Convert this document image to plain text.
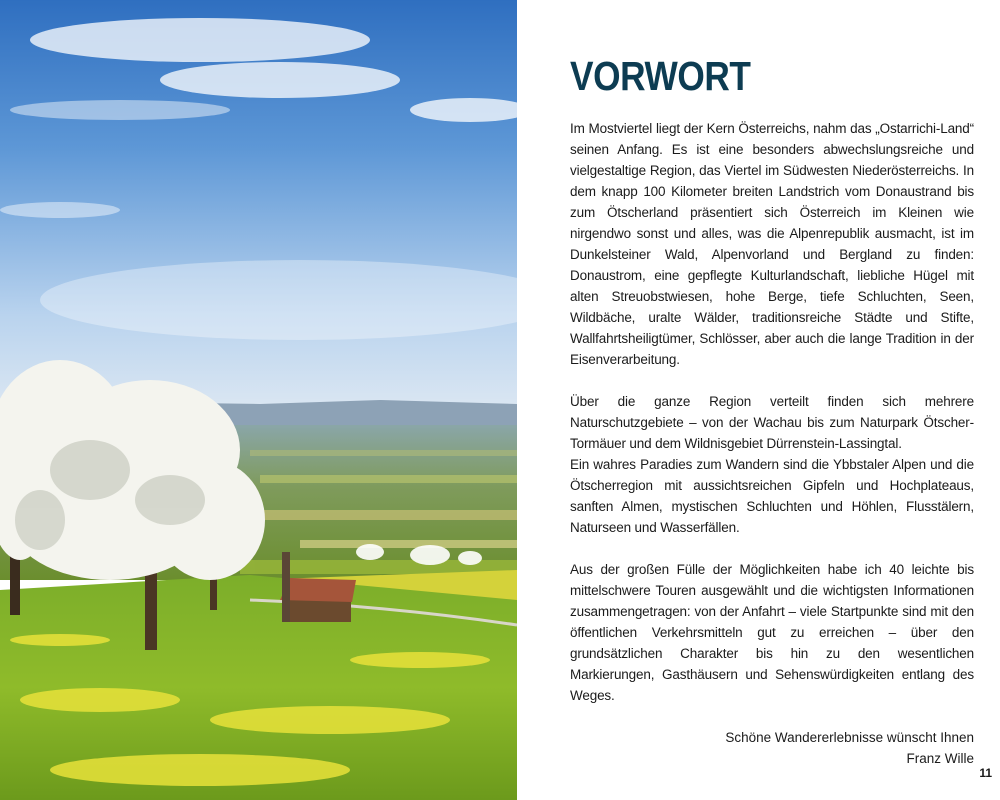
VORWORT

Im Mostviertel liegt der Kern Österreichs, nahm das „Ostarrichi-Land“ seinen Anfang. Es ist eine besonders abwechslungsreiche und vielgestaltige Region, das Viertel im Südwesten Niederösterreichs. In dem knapp 100 Kilometer breiten Landstrich vom Donaustrand bis zum Ötscherland präsentiert sich Österreich im Kleinen wie nirgendwo sonst und alles, was die Alpenrepublik ausmacht, ist im Dunkelsteiner Wald, Alpenvorland und Bergland zu finden: Donaustrom, eine gepflegte Kulturlandschaft, liebliche Hügel mit alten Streuobstwiesen, hohe Berge, tiefe Schluchten, Seen, Wildbäche, uralte Wälder, traditionsreiche Städte und Stifte, Wallfahrtsheiligtümer, Schlösser, aber auch die lange Tradition in der Eisenverarbeitung.

Über die ganze Region verteilt finden sich mehrere Naturschutzgebiete – von der Wachau bis zum Naturpark Ötscher-Tormäuer und dem Wildnisgebiet Dürrenstein-Lassingtal.

Ein wahres Paradies zum Wandern sind die Ybbstaler Alpen und die Ötscherregion mit aussichtsreichen Gipfeln und Hochplateaus, sanften Almen, mystischen Schluchten und Höhlen, Flusstälern, Naturseen und Wasserfällen.

Aus der großen Fülle der Möglichkeiten habe ich 40 leichte bis mittelschwere Touren ausgewählt und die wichtigsten Informationen zusammengetragen: von der Anfahrt – viele Startpunkte sind mit den öffentlichen Verkehrsmitteln gut zu erreichen – über den grundsätzlichen Charakter bis hin zu den wesentlichen Markierungen, Gasthäusern und Sehenswürdigkeiten entlang des Weges.

Schöne Wandererlebnisse wünscht Ihnen
Franz Wille
11
